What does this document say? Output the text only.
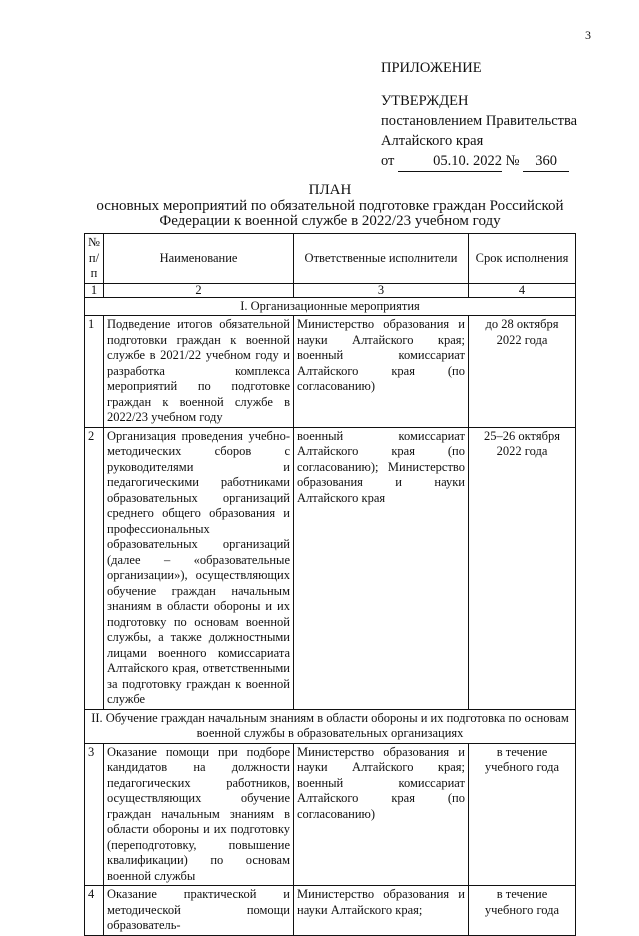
3
ПРИЛОЖЕНИЕ
УТВЕРЖДЕН
постановлением Правительства
Алтайского края
от	05.10. 2022 № 360
ПЛАН
основных мероприятий по обязательной подготовке граждан Российской
Федерации к военной службе в 2022/23 учебном году
№ п/п	Наименование	Ответственные исполнители	Срок исполнения
1	2	3	4
I. Организационные мероприятия			
1	Подведение итогов обязательной подготовки граждан к военной службе в 2021/22 учебном году и разработка комплекса мероприятий по подготовке граждан к военной службе в 2022/23 учебном году	Министерство образования и науки Алтайского края; военный комиссариат Алтайского края (по согласованию)	до 28 октября 2022 года
2	Организация проведения учебно-методических сборов с руководителями и педагогическими работниками образовательных организаций среднего общего образования и профессиональных образовательных организаций (далее – «образовательные организации»), осуществляющих обучение граждан начальным знаниям в области обороны и их подготовку по основам военной службы, а также должностными лицами военного комиссариата Алтайского края, ответственными за подготовку граждан к военной службе	военный комиссариат Алтайского края (по согласованию); Министерство образования и науки Алтайского края	25–26 октября 2022 года
II. Обучение граждан начальным знаниям в области обороны и их подготовка по основам военной службы в образовательных организациях			
3	Оказание помощи при подборе кандидатов на должности педагогических работников, осуществляющих обучение граждан начальным знаниям в области обороны и их подготовку (переподготовку, повышение квалификации) по основам военной службы	Министерство образования и науки Алтайского края; военный комиссариат Алтайского края (по согласованию)	в течение учебного года
4	Оказание практической и методической помощи образователь-	Министерство образования и науки Алтайского края;	в течение учебного года
